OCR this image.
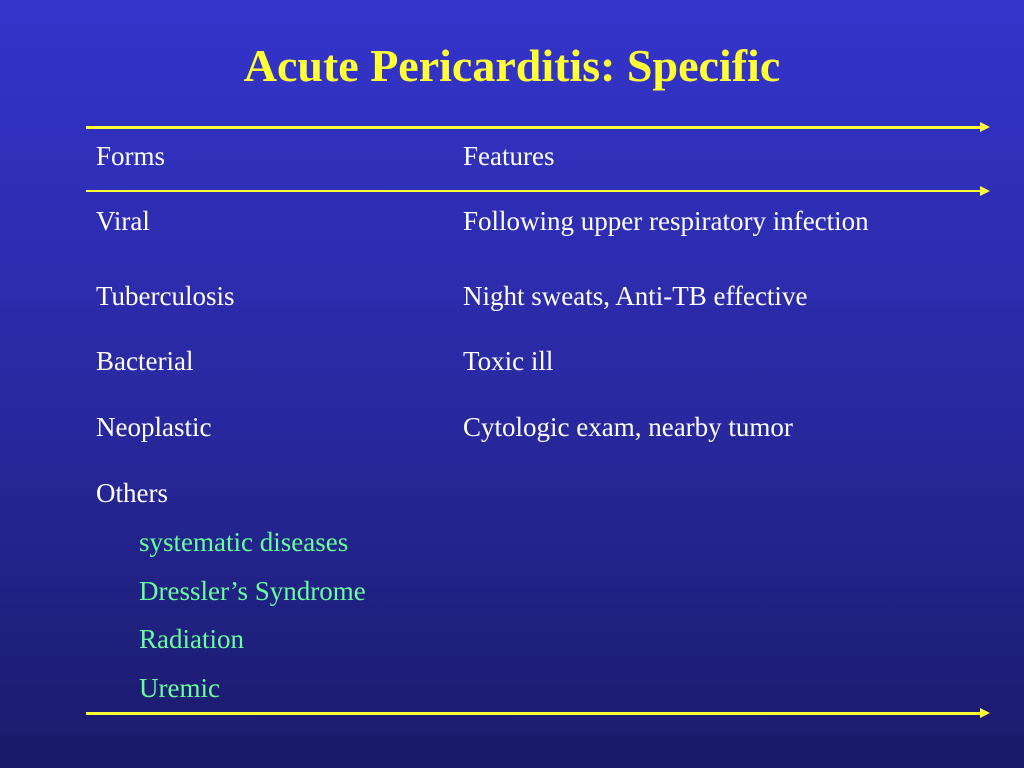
Acute Pericarditis: Specific
Forms	Features
Viral	Following upper respiratory infection
Tuberculosis	Night sweats, Anti-TB effective
Bacterial	Toxic ill
Neoplastic	Cytologic exam, nearby tumor
Others
systematic diseases
Dressler’s Syndrome
Radiation
Uremic
